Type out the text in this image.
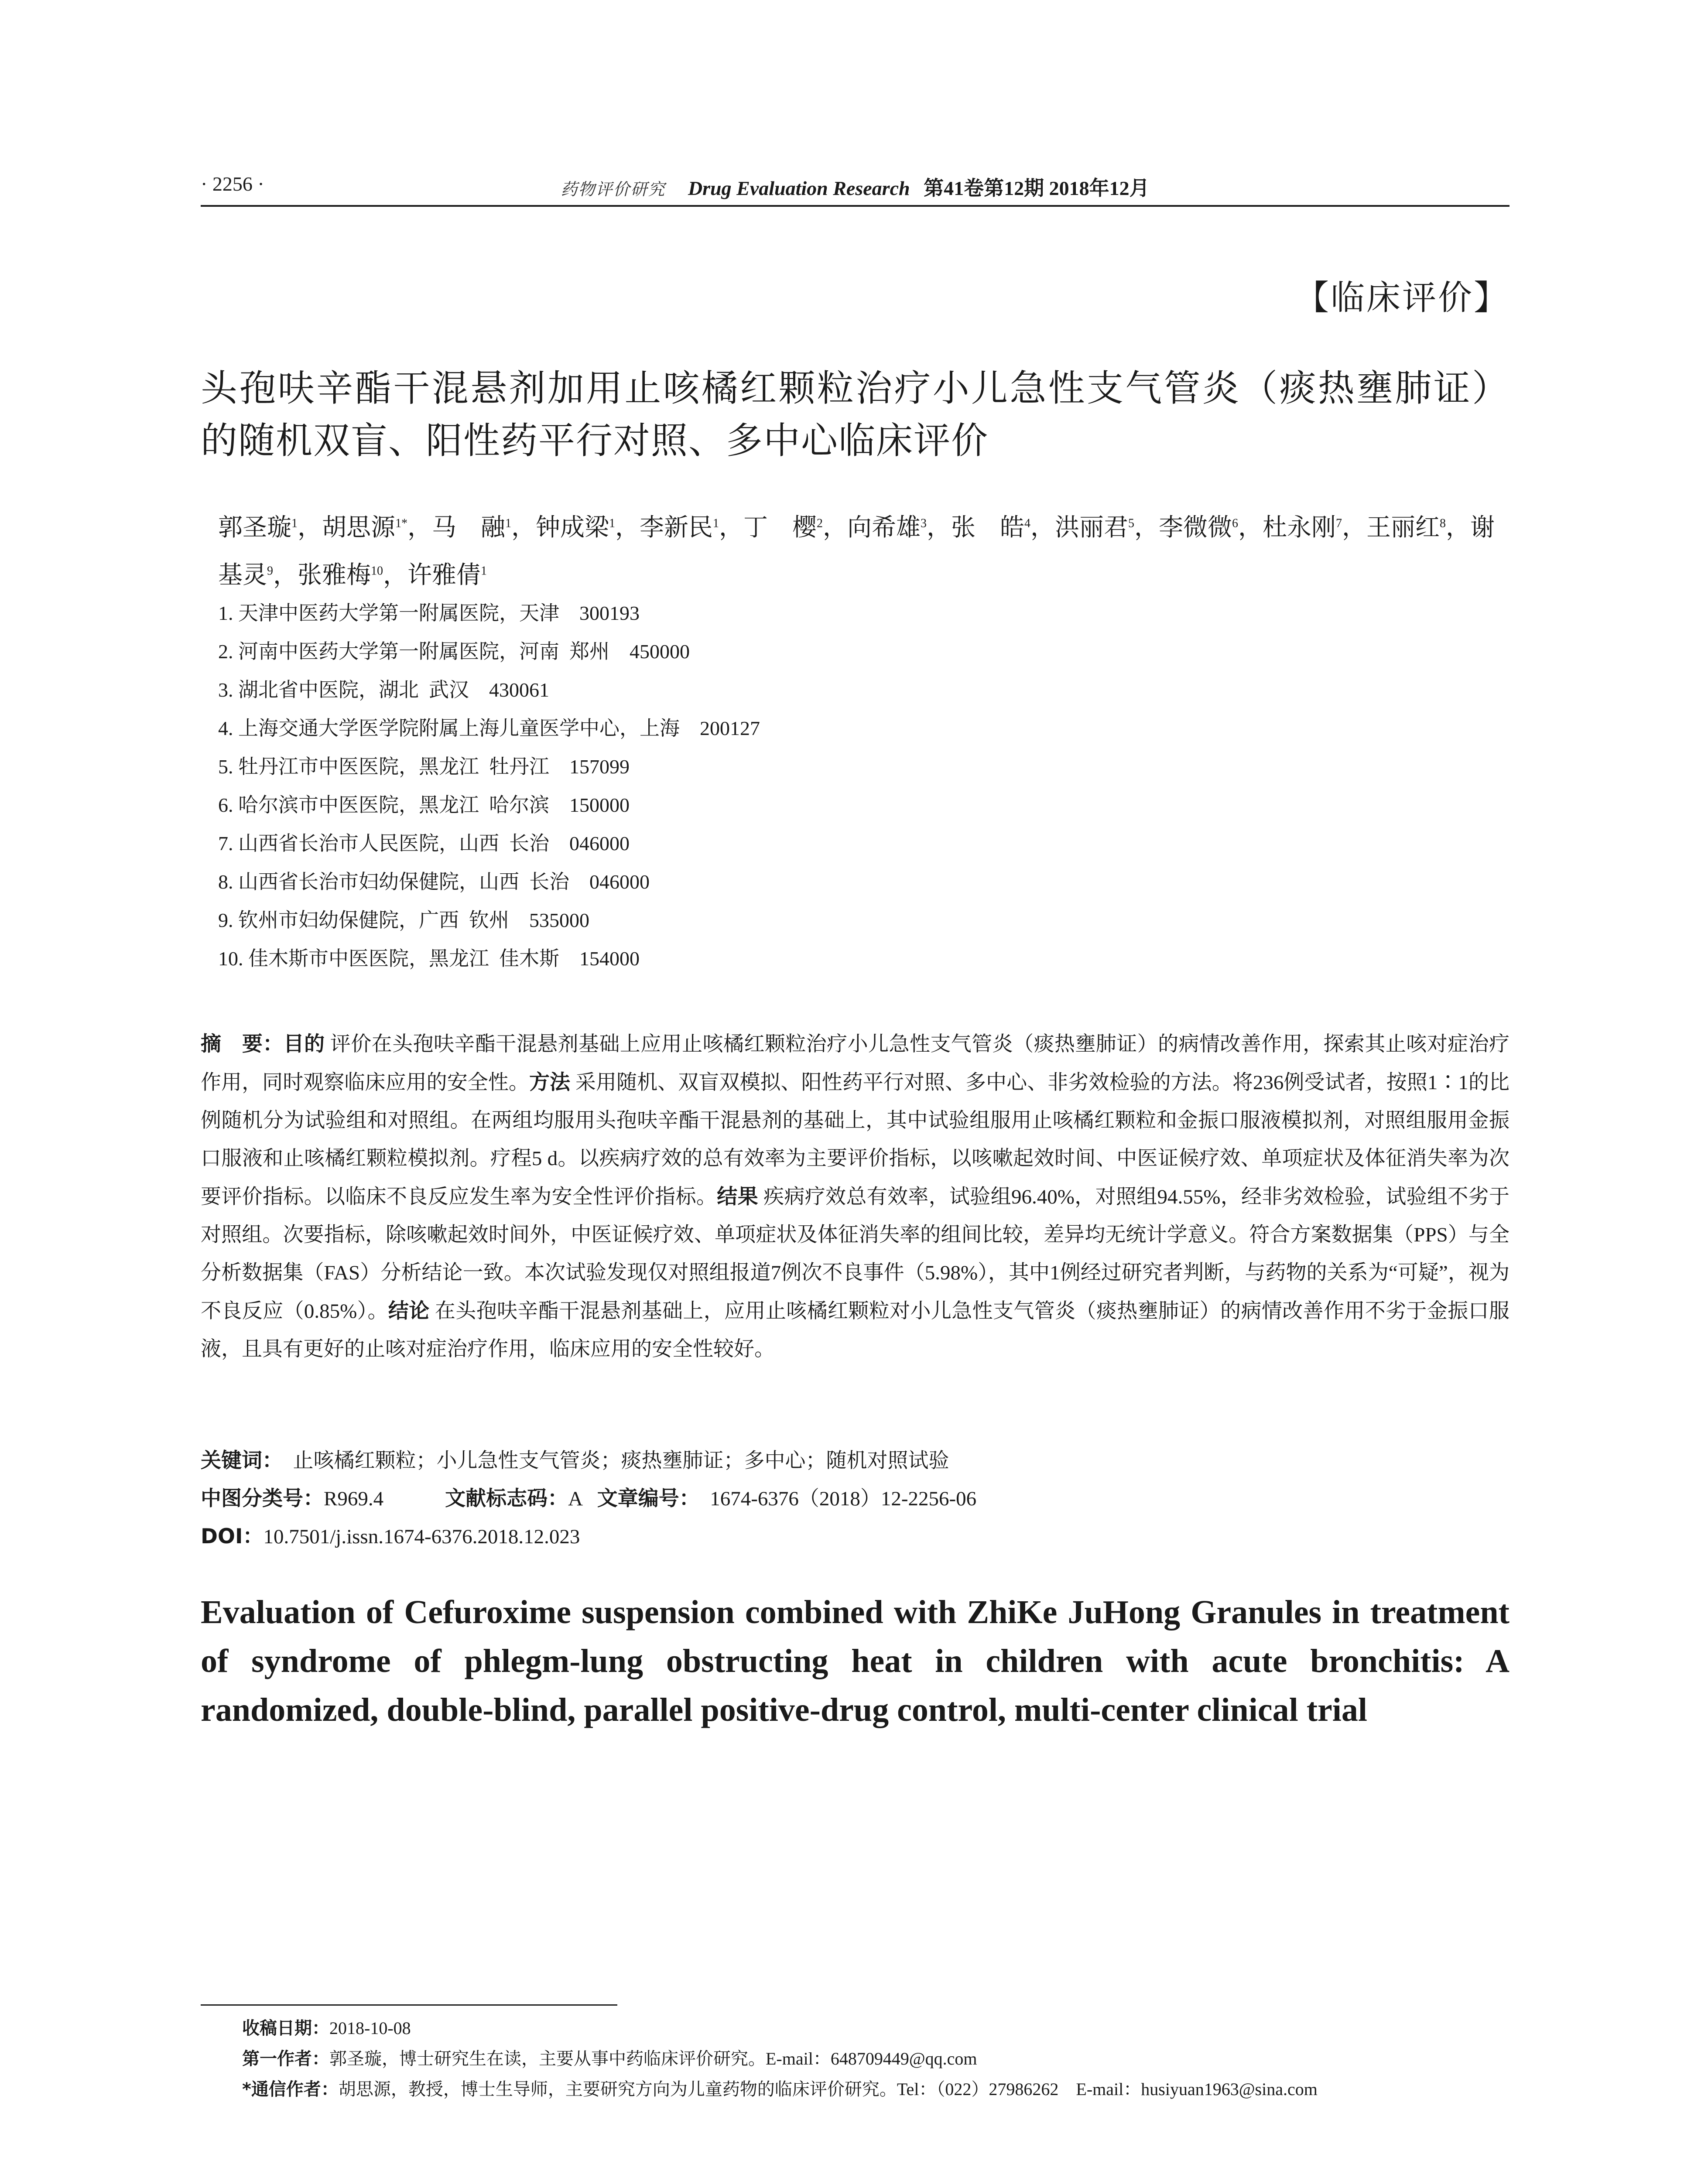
· 2256 ·	药物评价研究 Drug Evaluation Research 第41卷第12期 2018年12月
【临床评价】
头孢呋辛酯干混悬剂加用止咳橘红颗粒治疗小儿急性支气管炎（痰热壅肺证）的随机双盲、阳性药平行对照、多中心临床评价

郭圣璇$^1$，胡思源$^{1*}$，马　融$^1$，钟成梁$^1$，李新民$^1$，丁　樱$^2$，向希雄$^3$，张　皓$^4$，洪丽君$^5$，李微微$^6$，杜永刚$^7$，王丽红$^8$，谢基灵$^9$，张雅梅$^{10}$，许雅倩$^1$

1. 天津中医药大学第一附属医院，天津　300193
2. 河南中医药大学第一附属医院，河南  郑州　450000
3. 湖北省中医院，湖北  武汉　430061
4. 上海交通大学医学院附属上海儿童医学中心，上海　200127
5. 牡丹江市中医医院，黑龙江  牡丹江　157099
6. 哈尔滨市中医医院，黑龙江  哈尔滨　150000
7. 山西省长治市人民医院，山西  长治　046000
8. 山西省长治市妇幼保健院，山西  长治　046000
9. 钦州市妇幼保健院，广西  钦州　535000
10. 佳木斯市中医医院，黑龙江  佳木斯　154000

摘　要：目的 评价在头孢呋辛酯干混悬剂基础上应用止咳橘红颗粒治疗小儿急性支气管炎（痰热壅肺证）的病情改善作用，探索其止咳对症治疗作用，同时观察临床应用的安全性。方法 采用随机、双盲双模拟、阳性药平行对照、多中心、非劣效检验的方法。将236例受试者，按照1∶1的比例随机分为试验组和对照组。在两组均服用头孢呋辛酯干混悬剂的基础上，其中试验组服用止咳橘红颗粒和金振口服液模拟剂，对照组服用金振口服液和止咳橘红颗粒模拟剂。疗程5 d。以疾病疗效的总有效率为主要评价指标，以咳嗽起效时间、中医证候疗效、单项症状及体征消失率为次要评价指标。以临床不良反应发生率为安全性评价指标。结果 疾病疗效总有效率，试验组96.40%，对照组94.55%，经非劣效检验，试验组不劣于对照组。次要指标，除咳嗽起效时间外，中医证候疗效、单项症状及体征消失率的组间比较，差异均无统计学意义。符合方案数据集（PPS）与全分析数据集（FAS）分析结论一致。本次试验发现仅对照组报道7例次不良事件（5.98%），其中1例经过研究者判断，与药物的关系为“可疑”，视为不良反应（0.85%）。结论 在头孢呋辛酯干混悬剂基础上，应用止咳橘红颗粒对小儿急性支气管炎（痰热壅肺证）的病情改善作用不劣于金振口服液，且具有更好的止咳对症治疗作用，临床应用的安全性较好。

关键词： 止咳橘红颗粒；小儿急性支气管炎；痰热壅肺证；多中心；随机对照试验

中图分类号：R969.4	文献标志码：A 文章编号： 1674-6376（2018）12-2256-06

DOI：10.7501/j.issn.1674-6376.2018.12.023

Evaluation of Cefuroxime suspension combined with ZhiKe JuHong Granules in treatment of syndrome of phlegm-lung obstructing heat in children with acute bronchitis: A randomized, double-blind, parallel positive-drug control, multi-center clinical trial
收稿日期：2018-10-08
第一作者：郭圣璇，博士研究生在读，主要从事中药临床评价研究。E-mail：648709449@qq.com
*通信作者：胡思源，教授，博士生导师，主要研究方向为儿童药物的临床评价研究。Tel：（022）27986262　E-mail：husiyuan1963@sina.com
